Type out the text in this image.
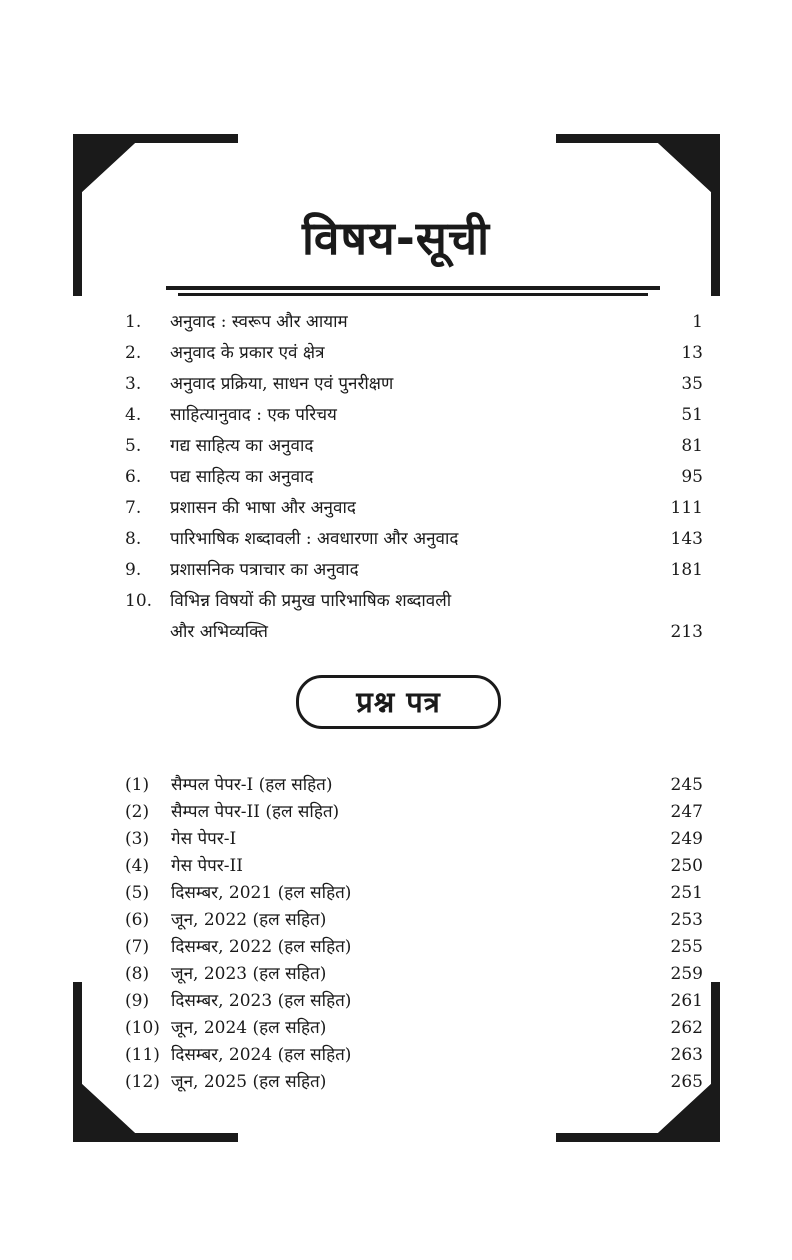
विषय-सूची
1. अनुवाद : स्वरूप और आयाम	1
2. अनुवाद के प्रकार एवं क्षेत्र	13
3. अनुवाद प्रक्रिया, साधन एवं पुनरीक्षण	35
4. साहित्यानुवाद : एक परिचय	51
5. गद्य साहित्य का अनुवाद	81
6. पद्य साहित्य का अनुवाद	95
7. प्रशासन की भाषा और अनुवाद	111
8. पारिभाषिक शब्दावली : अवधारणा और अनुवाद	143
9. प्रशासनिक पत्राचार का अनुवाद	181
10. विभिन्न विषयों की प्रमुख पारिभाषिक शब्दावली
और अभिव्यक्ति	213
प्रश्न पत्र
(1) सैम्पल पेपर-I (हल सहित)	245
(2) सैम्पल पेपर-II (हल सहित)	247
(3) गेस पेपर-I	249
(4) गेस पेपर-II	250
(5) दिसम्बर, 2021 (हल सहित)	251
(6) जून, 2022 (हल सहित)	253
(7) दिसम्बर, 2022 (हल सहित)	255
(8) जून, 2023 (हल सहित)	259
(9) दिसम्बर, 2023 (हल सहित)	261
(10) जून, 2024 (हल सहित)	262
(11) दिसम्बर, 2024 (हल सहित)	263
(12) जून, 2025 (हल सहित)	265
